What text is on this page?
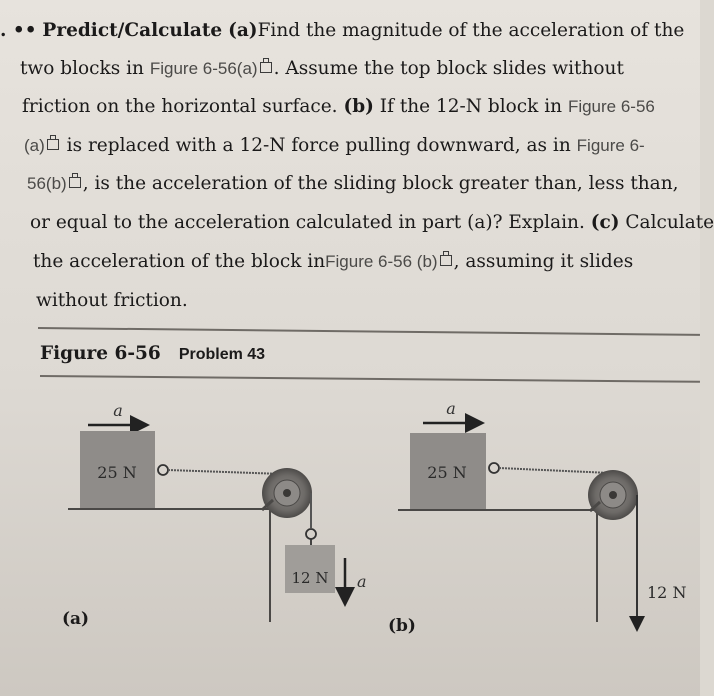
. •• Predict/Calculate (a)Find the magnitude of the acceleration of the
two blocks in Figure 6-56(a) . Assume the top block slides without
friction on the horizontal surface. (b) If the 12-N block in Figure 6-56
(a) is replaced with a 12-N force pulling downward, as in Figure 6-
56(b) , is the acceleration of the sliding block greater than, less than,
or equal to the acceleration calculated in part (a)? Explain. (c) Calculate
the acceleration of the block inFigure 6-56 (b) , assuming it slides
without friction.
Figure 6-56 Problem 43
a
25 N
12 N a
(a)
a
25 N
12 N
(b)
